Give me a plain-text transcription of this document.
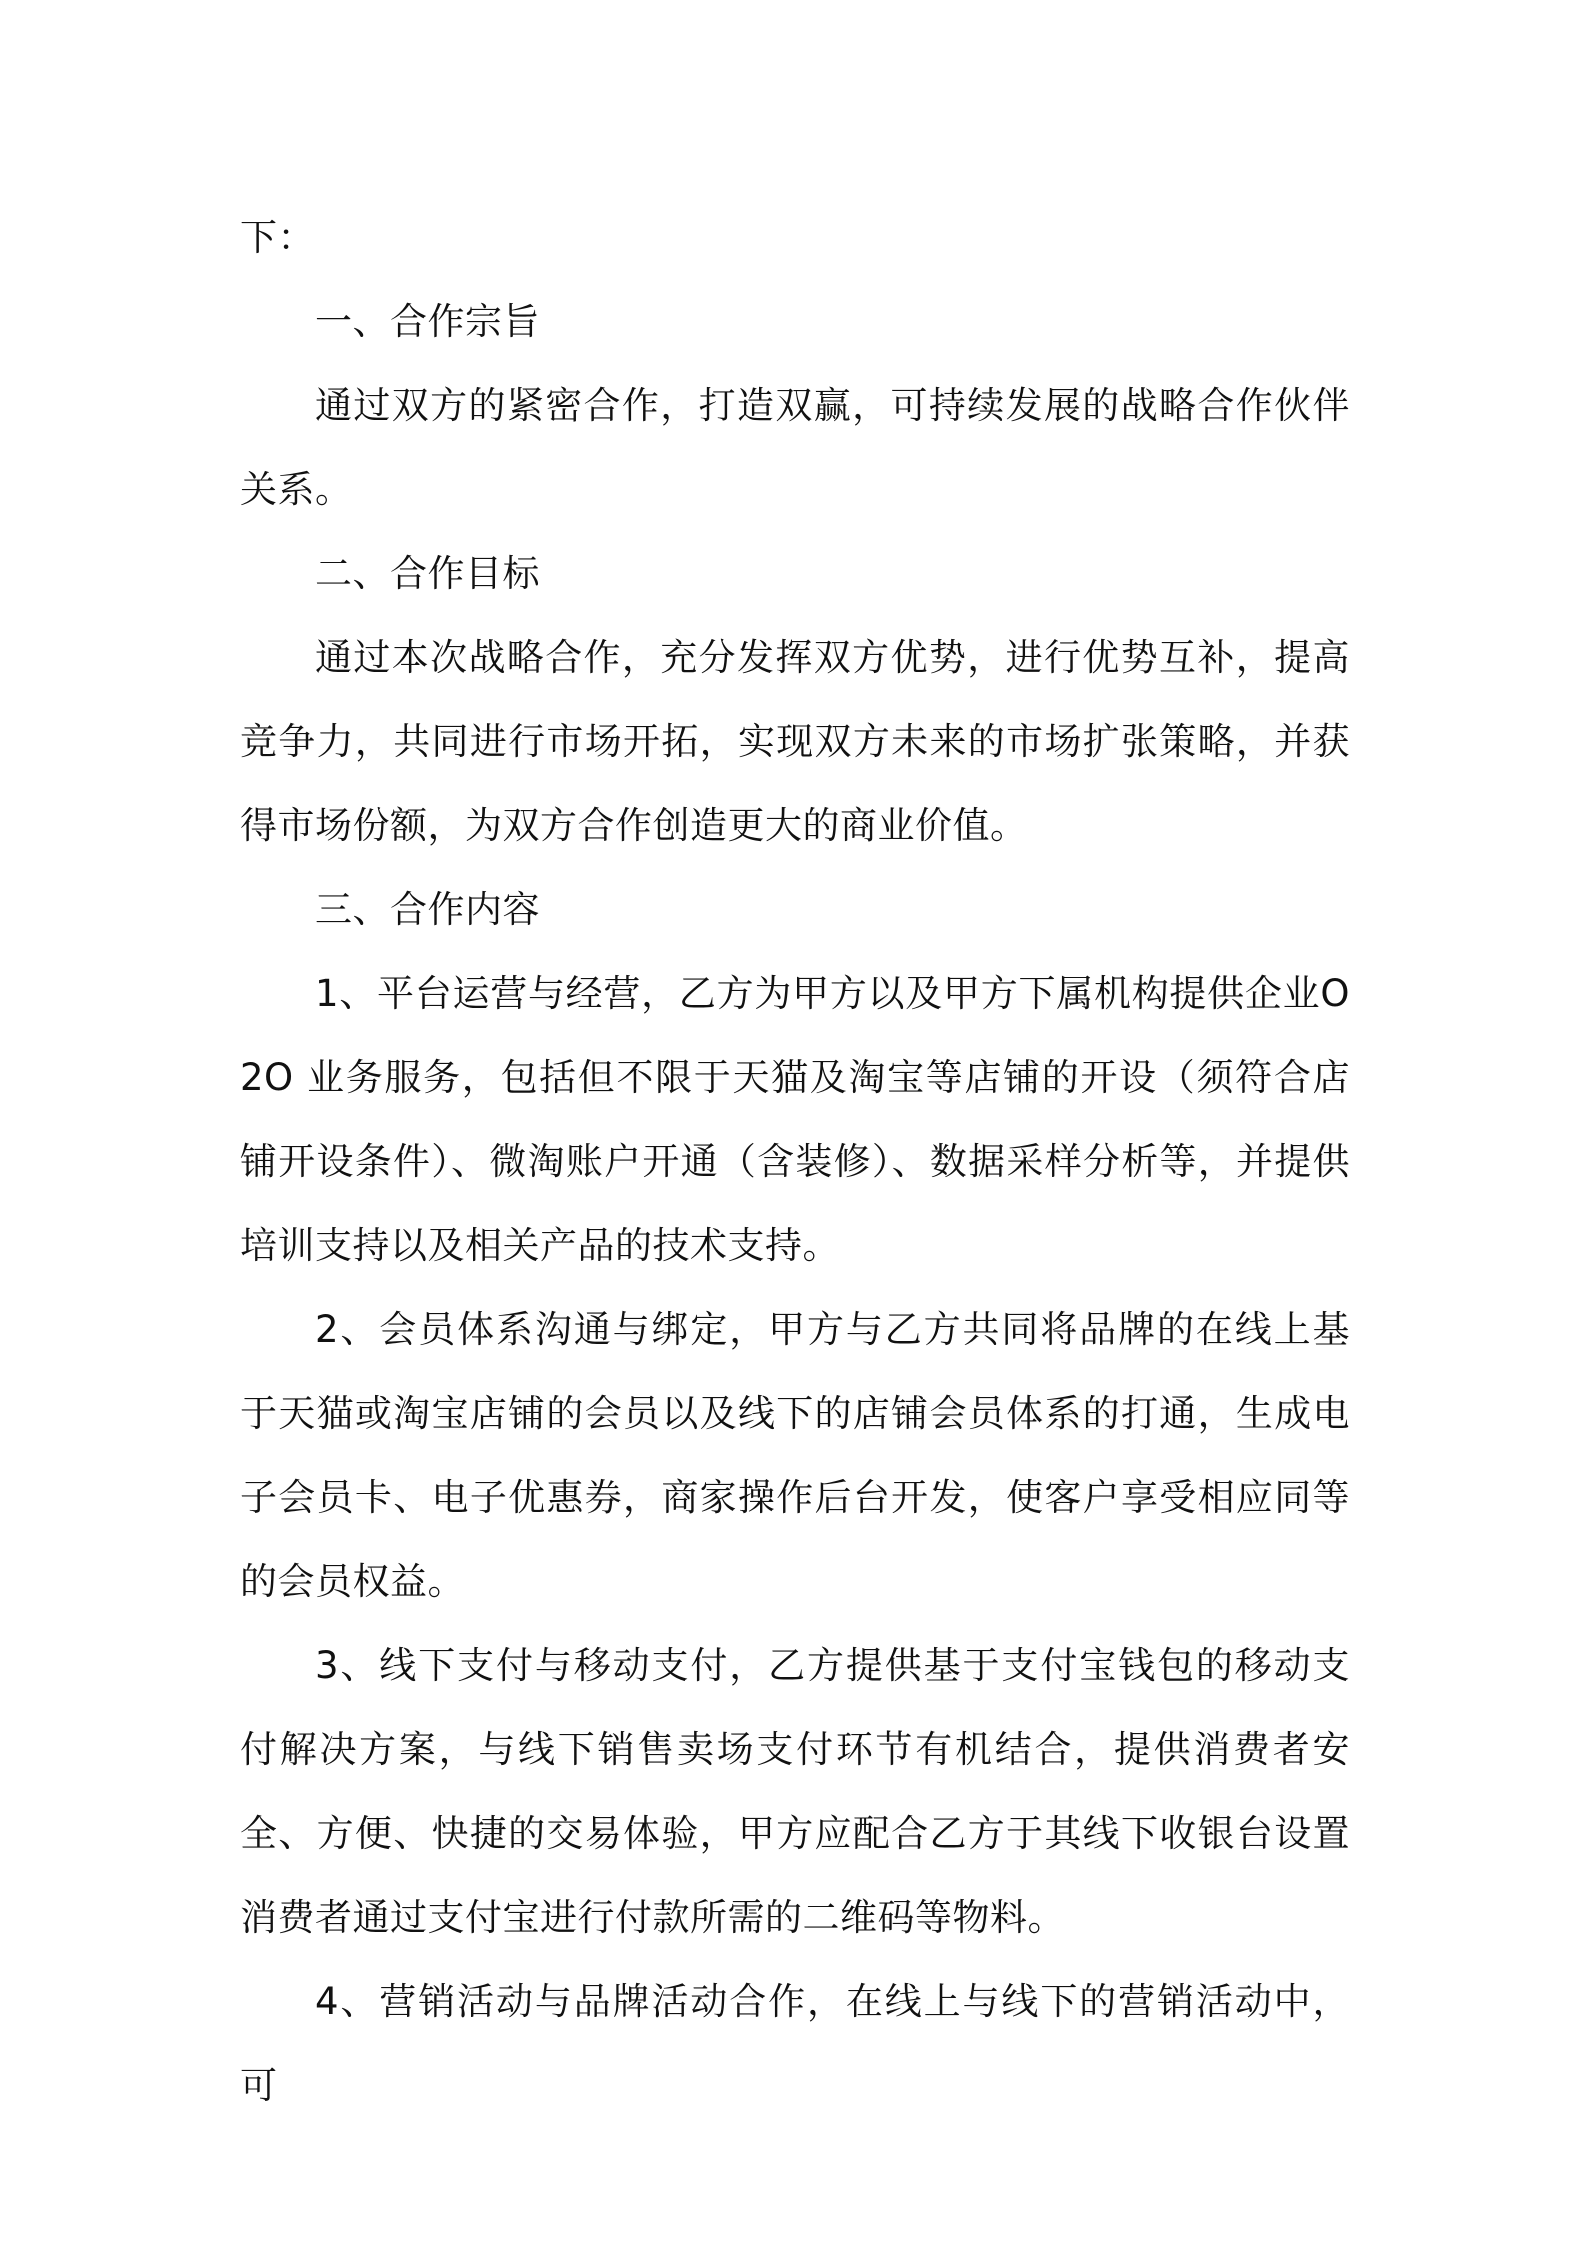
下：

一、合作宗旨

通过双方的紧密合作，打造双赢，可持续发展的战略合作伙伴关系。

二、合作目标

通过本次战略合作，充分发挥双方优势，进行优势互补，提高竞争力，共同进行市场开拓，实现双方未来的市场扩张策略，并获得市场份额，为双方合作创造更大的商业价值。

三、合作内容

1、平台运营与经营，乙方为甲方以及甲方下属机构提供企业O2O 业务服务，包括但不限于天猫及淘宝等店铺的开设（须符合店铺开设条件）、微淘账户开通（含装修）、数据采样分析等，并提供培训支持以及相关产品的技术支持。

2、会员体系沟通与绑定，甲方与乙方共同将品牌的在线上基于天猫或淘宝店铺的会员以及线下的店铺会员体系的打通，生成电子会员卡、电子优惠券，商家操作后台开发，使客户享受相应同等的会员权益。

3、线下支付与移动支付，乙方提供基于支付宝钱包的移动支付解决方案，与线下销售卖场支付环节有机结合，提供消费者安全、方便、快捷的交易体验，甲方应配合乙方于其线下收银台设置消费者通过支付宝进行付款所需的二维码等物料。

4、营销活动与品牌活动合作，在线上与线下的营销活动中，可
